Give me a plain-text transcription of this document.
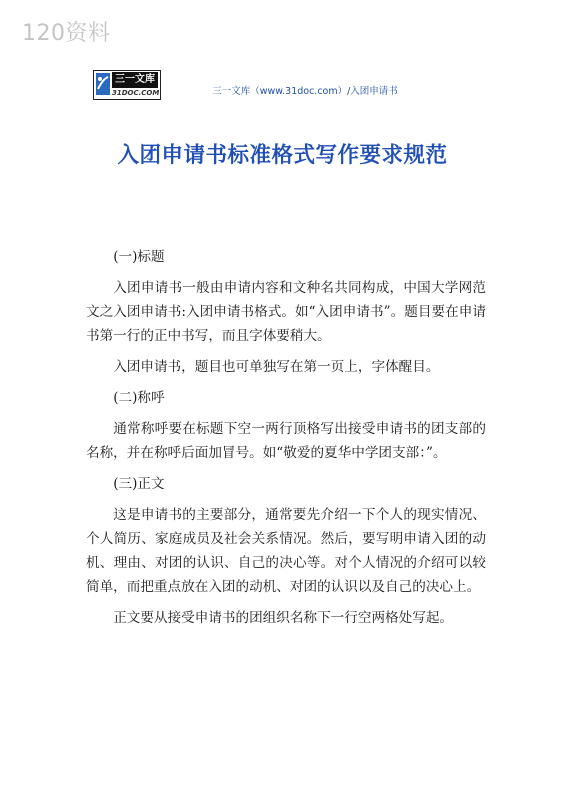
120资料
三一文库
31DOC.COM	三一文库（www.31doc.com）/入团申请书
入团申请书标准格式写作要求规范

(一)标题

入团申请书一般由申请内容和文种名共同构成，中国大学网范文之入团申请书:入团申请书格式。如“入团申请书”。题目要在申请书第一行的正中书写，而且字体要稍大。

入团申请书，题目也可单独写在第一页上，字体醒目。

(二)称呼

通常称呼要在标题下空一两行顶格写出接受申请书的团支部的名称，并在称呼后面加冒号。如“敬爱的夏华中学团支部：”。

(三)正文

这是申请书的主要部分，通常要先介绍一下个人的现实情况、个人简历、家庭成员及社会关系情况。然后，要写明申请入团的动机、理由、对团的认识、自己的决心等。对个人情况的介绍可以较简单，而把重点放在入团的动机、对团的认识以及自己的决心上。

正文要从接受申请书的团组织名称下一行空两格处写起。
